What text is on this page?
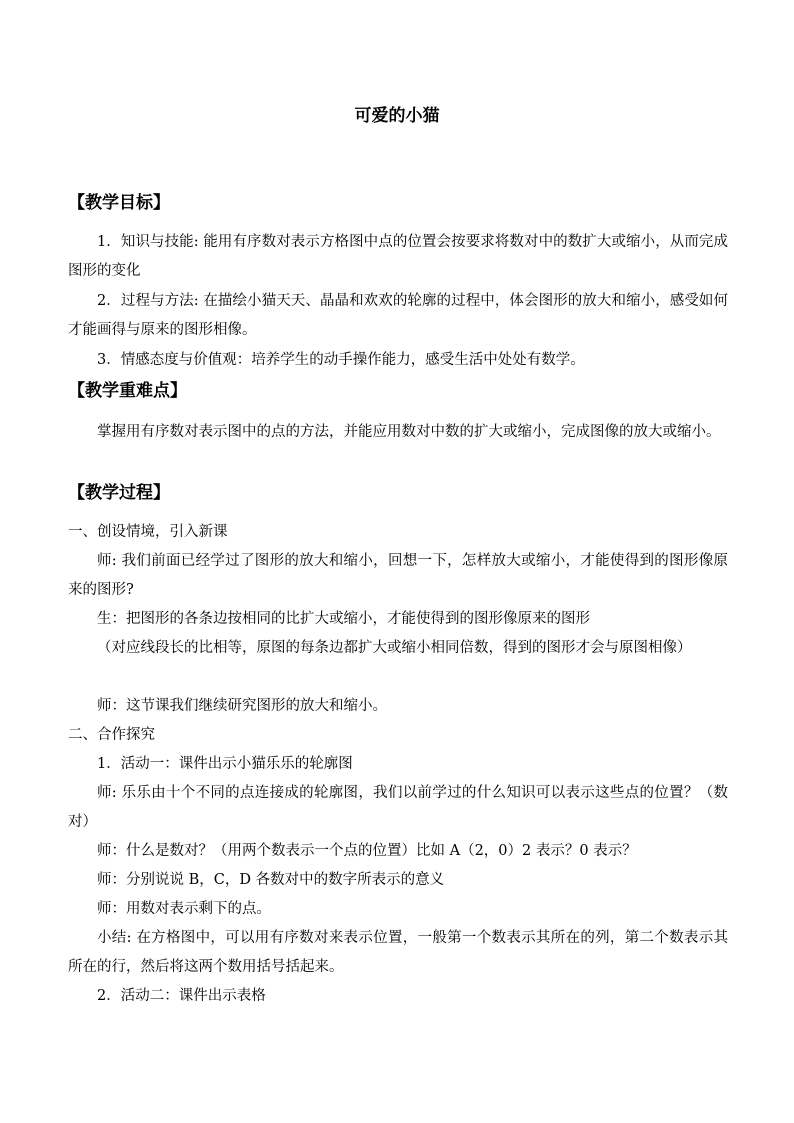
可爱的小猫
【教学目标】
1．知识与技能: 能用有序数对表示方格图中点的位置会按要求将数对中的数扩大或缩小，从而完成图形的变化
2．过程与方法: 在描绘小猫天天、晶晶和欢欢的轮廓的过程中，体会图形的放大和缩小，感受如何才能画得与原来的图形相像。
3．情感态度与价值观：培养学生的动手操作能力，感受生活中处处有数学。
【教学重难点】
掌握用有序数对表示图中的点的方法，并能应用数对中数的扩大或缩小，完成图像的放大或缩小。
【教学过程】
一、创设情境，引入新课
师: 我们前面已经学过了图形的放大和缩小，回想一下，怎样放大或缩小，才能使得到的图形像原来的图形?
生：把图形的各条边按相同的比扩大或缩小，才能使得到的图形像原来的图形
（对应线段长的比相等，原图的每条边都扩大或缩小相同倍数，得到的图形才会与原图相像）
师：这节课我们继续研究图形的放大和缩小。
二、合作探究
1．活动一：课件出示小猫乐乐的轮廓图
师: 乐乐由十个不同的点连接成的轮廓图，我们以前学过的什么知识可以表示这些点的位置？（数对）
师：什么是数对？（用两个数表示一个点的位置）比如 A（2，0）2 表示？0 表示？
师：分别说说 B，C，D 各数对中的数字所表示的意义
师：用数对表示剩下的点。
小结: 在方格图中，可以用有序数对来表示位置，一般第一个数表示其所在的列，第二个数表示其所在的行，然后将这两个数用括号括起来。
2．活动二：课件出示表格
